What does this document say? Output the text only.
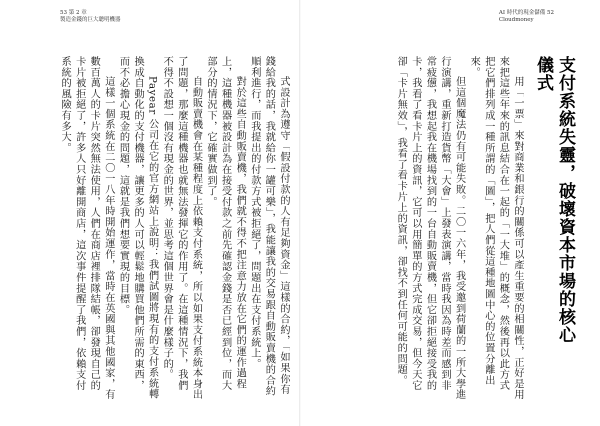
53 第 2 章
製造金錢的巨大聰明機器

式設計為遵守「假設付款的人有足夠資金」這樣的合約，「如果你有錢給我的話，我就給你一罐可樂」，我能讓我的交易跟自動販賣機的合約順利進行，而我提出的付款方式被拒絕了，問題出在支付系統上。

對於這些自動販賣機，我們就不得不把注意力放在它們的運作過程上，這種機器被設計為在接受付款之前先確認金錢是否已經到位，而大部分的情況下，它確實做到了。

自動販賣機會在某種程度上依賴支付系統，所以如果支付系統本身出了問題，那麼這種機器也就無法發揮它的作用了。在這種情況下，我們不得不設想一個沒有現金的世界，並思考這個世界會是什麼樣子的。

Payear 公司在它的官方網站上說明：我們試圖將現有的支付系統轉換成自動化的支付機器，讓更多的人可以輕鬆地購買他們所需的東西，而不必擔心現金的問題，這就是我們想要實現的目標。

這樣一個系統在二〇一八年時開始運作，當時在英國與其他國家，有數百萬人的卡片突然無法使用，人們在商店裡排隊結帳，卻發現自己的卡片被拒絕了，許多人只好離開商店，這次事件提醒了我們，依賴支付系統的風險有多大。

AI 時代的現金儲備 52
Cloudmoney
支付系統失靈，破壞資本市場的核心儀式

用「一票」來對商業和銀行的關係可以產生重要的相關性，正好是用來把這些年來的訊息結合在一起的「一大堆」的概念，然後再以此方式把它們排列成一種所謂的「圖」，把人們從這種地圖中心的位置分離出來。

但這個魔法仍有可能失敗。二〇一六年，我受邀到荷蘭的一所大學進行演講，重新打造貨幣「大會」上發表演講，當時我因為時差而感到非常疲憊，我想起我在機場找到的一台自動販賣機，但它卻拒絕接受我的卡，我看了看卡片上的資訊，它可以用簡單的方式完成交易，但今天它卻「卡片無效」，我看了看卡片上的資訊，卻找不到任何可能的問題。
